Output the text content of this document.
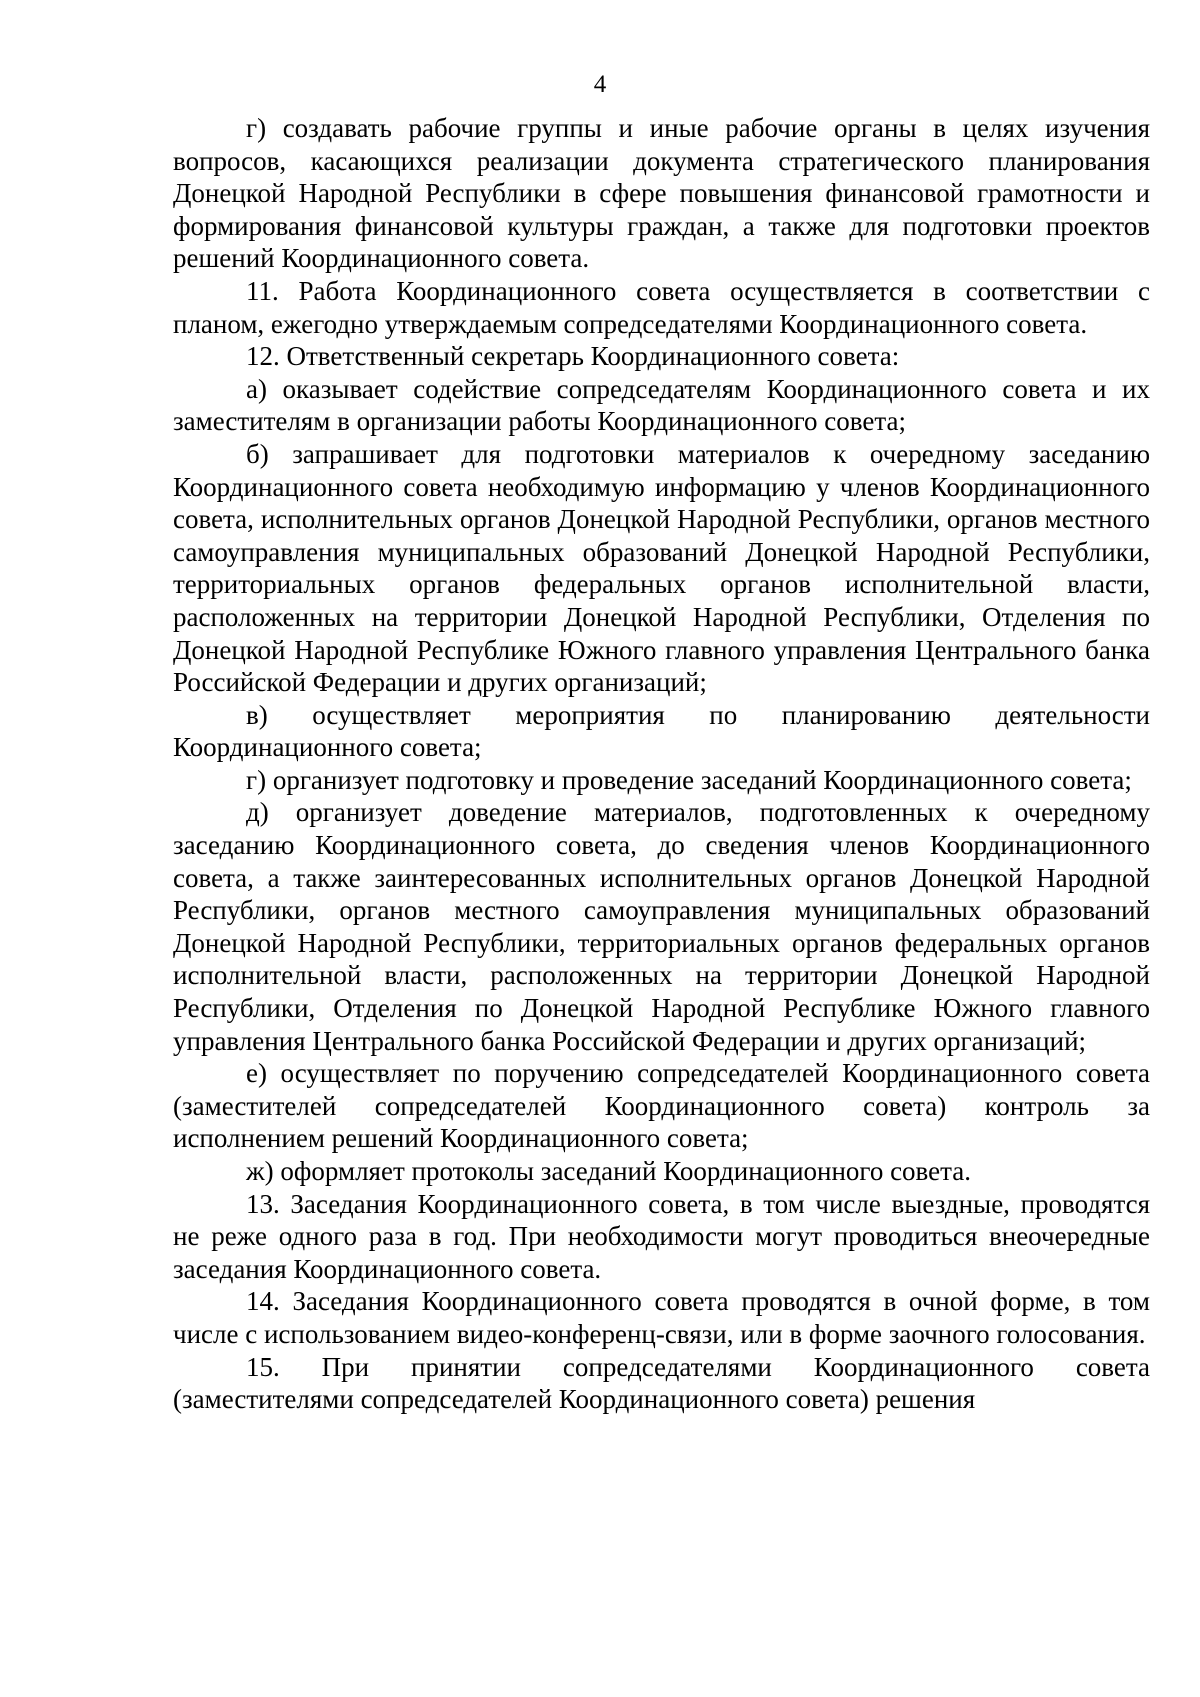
4

г) создавать рабочие группы и иные рабочие органы в целях изучения вопросов, касающихся реализации документа стратегического планирования Донецкой Народной Республики в сфере повышения финансовой грамотности и формирования финансовой культуры граждан, а также для подготовки проектов решений Координационного совета.

11. Работа Координационного совета осуществляется в соответствии с планом, ежегодно утверждаемым сопредседателями Координационного совета.

12. Ответственный секретарь Координационного совета:

а) оказывает содействие сопредседателям Координационного совета и их заместителям в организации работы Координационного совета;

б) запрашивает для подготовки материалов к очередному заседанию Координационного совета необходимую информацию у членов Координационного совета, исполнительных органов Донецкой Народной Республики, органов местного самоуправления муниципальных образований Донецкой Народной Республики, территориальных органов федеральных органов исполнительной власти, расположенных на территории Донецкой Народной Республики, Отделения по Донецкой Народной Республике Южного главного управления Центрального банка Российской Федерации и других организаций;

в) осуществляет мероприятия по планированию деятельности Координационного совета;

г) организует подготовку и проведение заседаний Координационного совета;

д) организует доведение материалов, подготовленных к очередному заседанию Координационного совета, до сведения членов Координационного совета, а также заинтересованных исполнительных органов Донецкой Народной Республики, органов местного самоуправления муниципальных образований Донецкой Народной Республики, территориальных органов федеральных органов исполнительной власти, расположенных на территории Донецкой Народной Республики, Отделения по Донецкой Народной Республике Южного главного управления Центрального банка Российской Федерации и других организаций;

е) осуществляет по поручению сопредседателей Координационного совета (заместителей сопредседателей Координационного совета) контроль за исполнением решений Координационного совета;

ж) оформляет протоколы заседаний Координационного совета.

13. Заседания Координационного совета, в том числе выездные, проводятся не реже одного раза в год. При необходимости могут проводиться внеочередные заседания Координационного совета.

14. Заседания Координационного совета проводятся в очной форме, в том числе с использованием видео-конференц-связи, или в форме заочного голосования.

15. При принятии сопредседателями Координационного совета (заместителями сопредседателей Координационного совета) решения
